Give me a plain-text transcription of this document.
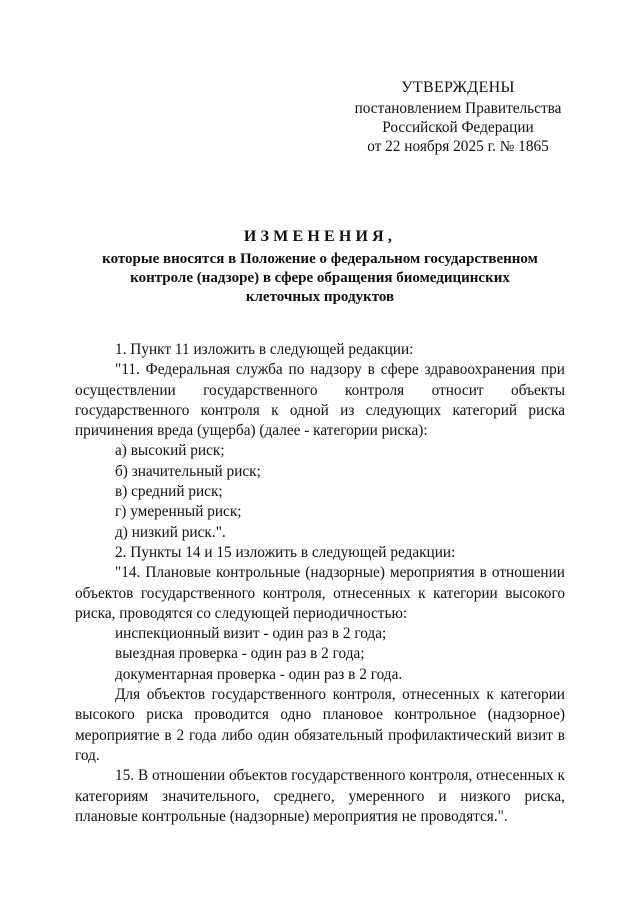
УТВЕРЖДЕНЫ
постановлением Правительства
Российской Федерации
от 22 ноября 2025 г. № 1865
ИЗМЕНЕНИЯ,
которые вносятся в Положение о федеральном государственном
контроле (надзоре) в сфере обращения биомедицинских
клеточных продуктов

1. Пункт 11 изложить в следующей редакции:

"11. Федеральная служба по надзору в сфере здравоохранения при осуществлении государственного контроля относит объекты государственного контроля к одной из следующих категорий риска причинения вреда (ущерба) (далее - категории риска):

а) высокий риск;

б) значительный риск;

в) средний риск;

г) умеренный риск;

д) низкий риск.".

2. Пункты 14 и 15 изложить в следующей редакции:

"14. Плановые контрольные (надзорные) мероприятия в отношении объектов государственного контроля, отнесенных к категории высокого риска, проводятся со следующей периодичностью:

инспекционный визит - один раз в 2 года;

выездная проверка - один раз в 2 года;

документарная проверка - один раз в 2 года.

Для объектов государственного контроля, отнесенных к категории высокого риска проводится одно плановое контрольное (надзорное) мероприятие в 2 года либо один обязательный профилактический визит в год.

15. В отношении объектов государственного контроля, отнесенных к категориям значительного, среднего, умеренного и низкого риска, плановые контрольные (надзорные) мероприятия не проводятся.".
